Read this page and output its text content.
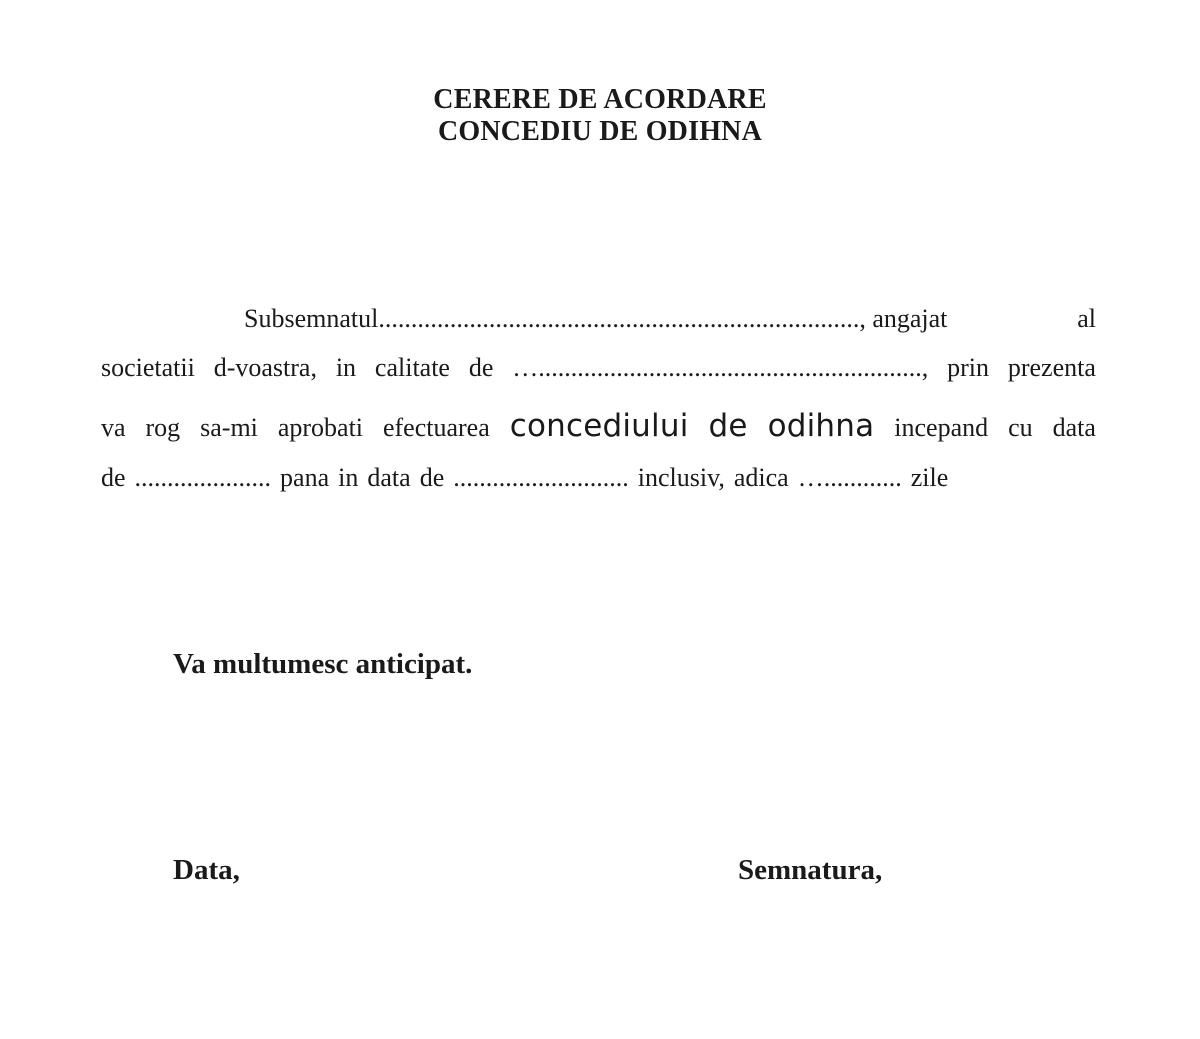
CERERE DE ACORDARE
CONCEDIU DE ODIHNA
Subsemnatul.........................................................................., angajat	al
societatii d-voastra, in calitate de …..........................................................., prin prezenta
va rog sa-mi aprobati efectuarea concediului de odihna incepand cu data
de ..................... pana in data de ........................... inclusiv, adica …............ zile
Va multumesc anticipat.
Data,	Semnatura,
